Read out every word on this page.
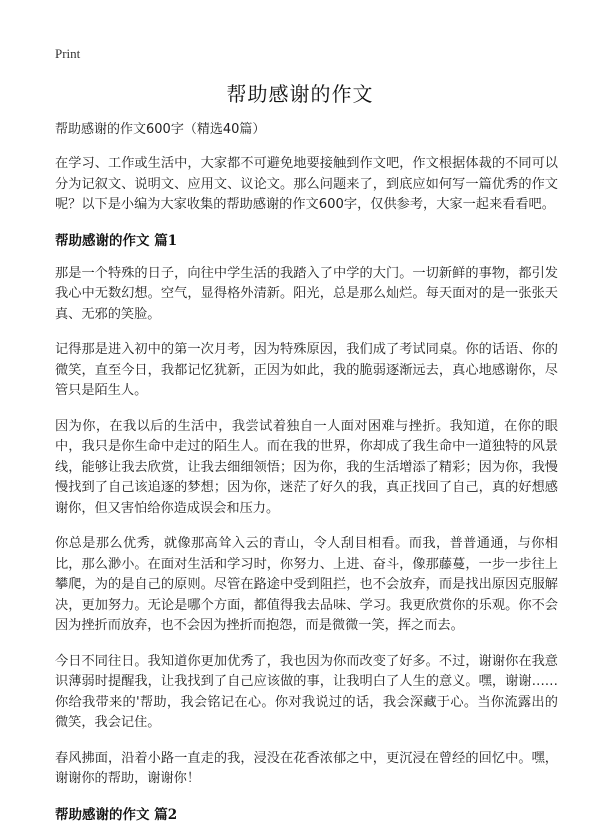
Print
帮助感谢的作文

帮助感谢的作文600字（精选40篇）

在学习、工作或生活中，大家都不可避免地要接触到作文吧，作文根据体裁的不同可以分为记叙文、说明文、应用文、议论文。那么问题来了，到底应如何写一篇优秀的作文呢？以下是小编为大家收集的帮助感谢的作文600字，仅供参考，大家一起来看看吧。

帮助感谢的作文 篇1

那是一个特殊的日子，向往中学生活的我踏入了中学的大门。一切新鲜的事物，都引发我心中无数幻想。空气，显得格外清新。阳光，总是那么灿烂。每天面对的是一张张天真、无邪的笑脸。

记得那是进入初中的第一次月考，因为特殊原因，我们成了考试同桌。你的话语、你的微笑，直至今日，我都记忆犹新，正因为如此，我的脆弱逐渐远去，真心地感谢你，尽管只是陌生人。

因为你，在我以后的生活中，我尝试着独自一人面对困难与挫折。我知道，在你的眼中，我只是你生命中走过的陌生人。而在我的世界，你却成了我生命中一道独特的风景线，能够让我去欣赏，让我去细细领悟；因为你，我的生活增添了精彩；因为你，我慢慢找到了自己该追逐的梦想；因为你，迷茫了好久的我，真正找回了自己，真的好想感谢你，但又害怕给你造成误会和压力。

你总是那么优秀，就像那高耸入云的青山，令人刮目相看。而我，普普通通，与你相比，那么渺小。在面对生活和学习时，你努力、上进、奋斗，像那藤蔓，一步一步往上攀爬，为的是自己的原则。尽管在路途中受到阻拦，也不会放弃，而是找出原因克服解决，更加努力。无论是哪个方面，都值得我去品味、学习。我更欣赏你的乐观。你不会因为挫折而放弃，也不会因为挫折而抱怨，而是微微一笑，挥之而去。

今日不同往日。我知道你更加优秀了，我也因为你而改变了好多。不过，谢谢你在我意识薄弱时提醒我，让我找到了自己应该做的事，让我明白了人生的意义。嘿，谢谢……你给我带来的'帮助，我会铭记在心。你对我说过的话，我会深藏于心。当你流露出的微笑，我会记住。

春风拂面，沿着小路一直走的我，浸没在花香浓郁之中，更沉浸在曾经的回忆中。嘿，谢谢你的帮助，谢谢你！

帮助感谢的作文 篇2
